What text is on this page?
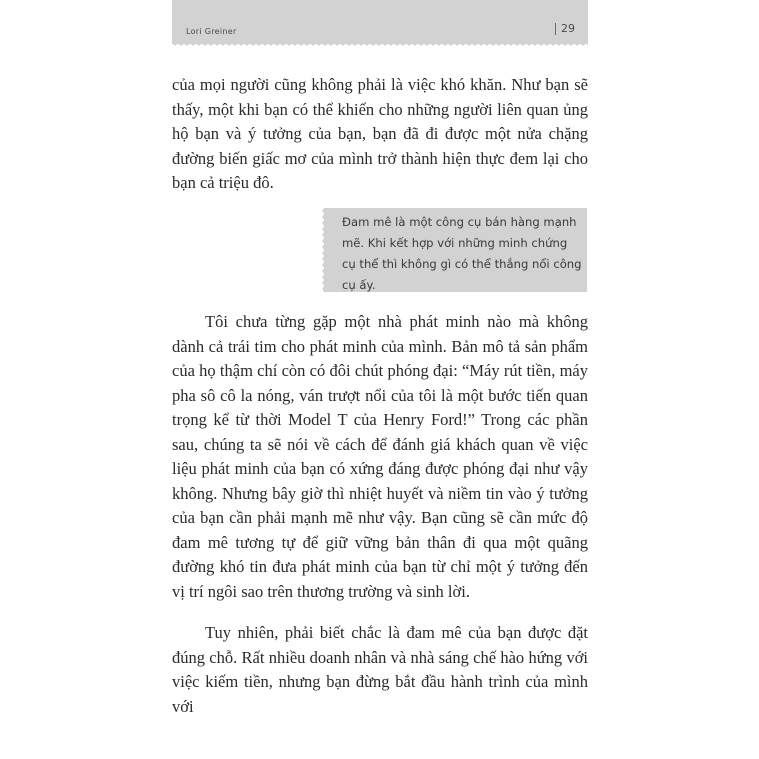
Lori Greiner	29

của mọi người cũng không phải là việc khó khăn. Như bạn sẽ thấy, một khi bạn có thể khiến cho những người liên quan ủng hộ bạn và ý tưởng của bạn, bạn đã đi được một nửa chặng đường biến giấc mơ của mình trở thành hiện thực đem lại cho bạn cả triệu đô.

Đam mê là một công cụ bán hàng mạnh mẽ. Khi kết hợp với những minh chứng cụ thể thì không gì có thể thắng nổi công cụ ấy.

Tôi chưa từng gặp một nhà phát minh nào mà không dành cả trái tim cho phát minh của mình. Bản mô tả sản phẩm của họ thậm chí còn có đôi chút phóng đại: “Máy rút tiền, máy pha sô cô la nóng, ván trượt nổi của tôi là một bước tiến quan trọng kể từ thời Model T của Henry Ford!” Trong các phần sau, chúng ta sẽ nói về cách để đánh giá khách quan về việc liệu phát minh của bạn có xứng đáng được phóng đại như vậy không. Nhưng bây giờ thì nhiệt huyết và niềm tin vào ý tưởng của bạn cần phải mạnh mẽ như vậy. Bạn cũng sẽ cần mức độ đam mê tương tự để giữ vững bản thân đi qua một quãng đường khó tin đưa phát minh của bạn từ chỉ một ý tưởng đến vị trí ngôi sao trên thương trường và sinh lời.

Tuy nhiên, phải biết chắc là đam mê của bạn được đặt đúng chỗ. Rất nhiều doanh nhân và nhà sáng chế hào hứng với việc kiếm tiền, nhưng bạn đừng bắt đầu hành trình của mình với
